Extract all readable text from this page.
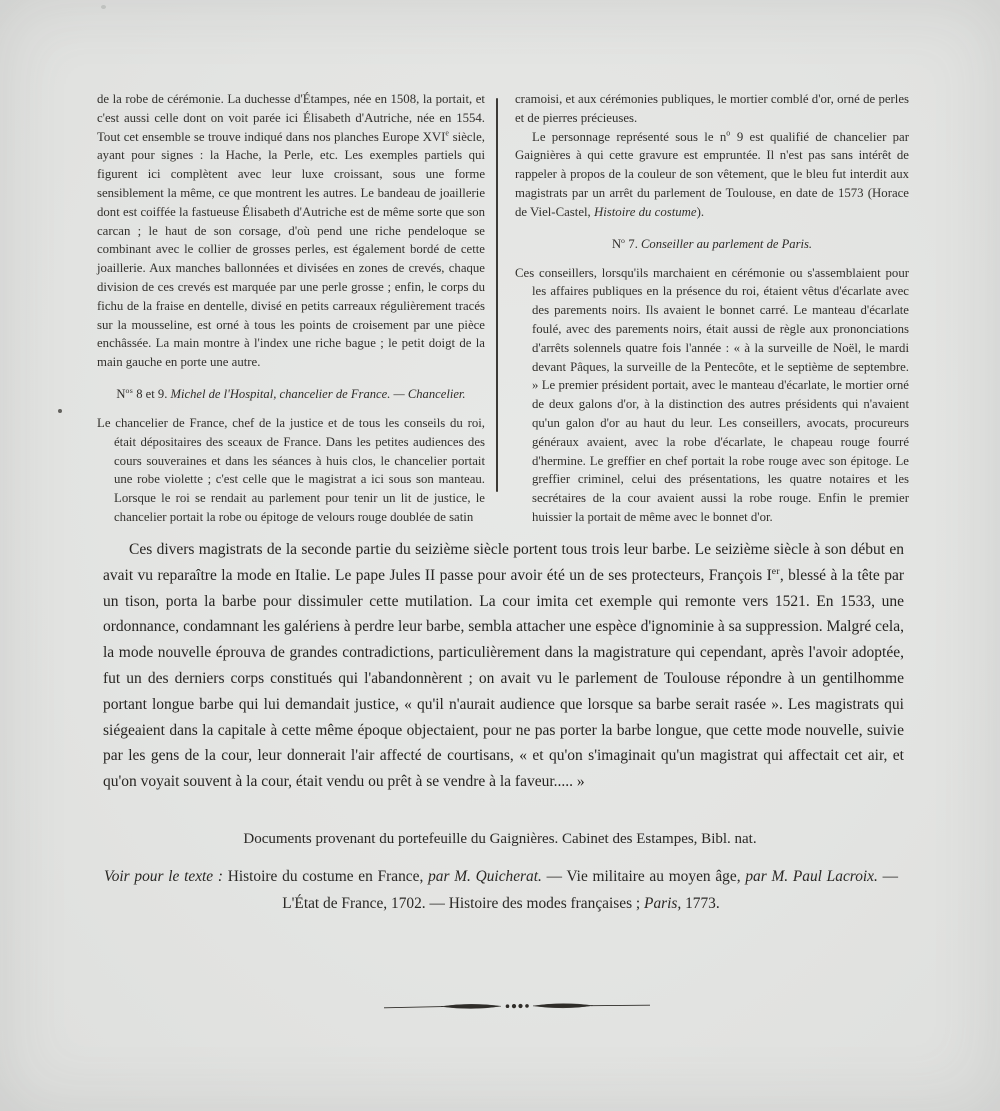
de la robe de cérémonie. La duchesse d'Étampes, née en 1508, la portait, et c'est aussi celle dont on voit parée ici Élisabeth d'Autriche, née en 1554. Tout cet ensemble se trouve indiqué dans nos planches Europe XVIe siècle, ayant pour signes : la Hache, la Perle, etc. Les exemples partiels qui figurent ici complètent avec leur luxe croissant, sous une forme sensiblement la même, ce que montrent les autres. Le bandeau de joaillerie dont est coiffée la fastueuse Élisabeth d'Autriche est de même sorte que son carcan ; le haut de son corsage, d'où pend une riche pendeloque se combinant avec le collier de grosses perles, est également bordé de cette joaillerie. Aux manches ballonnées et divisées en zones de crevés, chaque division de ces crevés est marquée par une perle grosse ; enfin, le corps du fichu de la fraise en dentelle, divisé en petits carreaux régulièrement tracés sur la mousseline, est orné à tous les points de croisement par une pièce enchâssée. La main montre à l'index une riche bague ; le petit doigt de la main gauche en porte une autre.

$N^{os}$ 8 et 9. Michel de l'Hospital, chancelier de France. — Chancelier.

Le chancelier de France, chef de la justice et de tous les conseils du roi, était dépositaires des sceaux de France. Dans les petites audiences des cours souveraines et dans les séances à huis clos, le chancelier portait une robe violette ; c'est celle que le magistrat a ici sous son manteau. Lorsque le roi se rendait au parlement pour tenir un lit de justice, le chancelier portait la robe ou épitoge de velours rouge doublée de satin

cramoisi, et aux cérémonies publiques, le mortier comblé d'or, orné de perles et de pierres précieuses.

Le personnage représenté sous le $n^o$ 9 est qualifié de chancelier par Gaignières à qui cette gravure est empruntée. Il n'est pas sans intérêt de rappeler à propos de la couleur de son vêtement, que le bleu fut interdit aux magistrats par un arrêt du parlement de Toulouse, en date de 1573 (Horace de Viel-Castel, Histoire du costume).

$N^o$ 7. Conseiller au parlement de Paris.

Ces conseillers, lorsqu'ils marchaient en cérémonie ou s'assemblaient pour les affaires publiques en la présence du roi, étaient vêtus d'écarlate avec des parements noirs. Ils avaient le bonnet carré. Le manteau d'écarlate foulé, avec des parements noirs, était aussi de règle aux prononciations d'arrêts solennels quatre fois l'année : « à la surveille de Noël, le mardi devant Pâques, la surveille de la Pentecôte, et le septième de septembre. » Le premier président portait, avec le manteau d'écarlate, le mortier orné de deux galons d'or, à la distinction des autres présidents qui n'avaient qu'un galon d'or au haut du leur. Les conseillers, avocats, procureurs généraux avaient, avec la robe d'écarlate, le chapeau rouge fourré d'hermine. Le greffier en chef portait la robe rouge avec son épitoge. Le greffier criminel, celui des présentations, les quatre notaires et les secrétaires de la cour avaient aussi la robe rouge. Enfin le premier huissier la portait de même avec le bonnet d'or.

Ces divers magistrats de la seconde partie du seizième siècle portent tous trois leur barbe. Le seizième siècle à son début en avait vu reparaître la mode en Italie. Le pape Jules II passe pour avoir été un de ses protecteurs, François Ier, blessé à la tête par un tison, porta la barbe pour dissimuler cette mutilation. La cour imita cet exemple qui remonte vers 1521. En 1533, une ordonnance, condamnant les galériens à perdre leur barbe, sembla attacher une espèce d'ignominie à sa suppression. Malgré cela, la mode nouvelle éprouva de grandes contradictions, particulièrement dans la magistrature qui cependant, après l'avoir adoptée, fut un des derniers corps constitués qui l'abandonnèrent ; on avait vu le parlement de Toulouse répondre à un gentilhomme portant longue barbe qui lui demandait justice, « qu'il n'aurait audience que lorsque sa barbe serait rasée ». Les magistrats qui siégeaient dans la capitale à cette même époque objectaient, pour ne pas porter la barbe longue, que cette mode nouvelle, suivie par les gens de la cour, leur donnerait l'air affecté de courtisans, « et qu'on s'imaginait qu'un magistrat qui affectait cet air, et qu'on voyait souvent à la cour, était vendu ou prêt à se vendre à la faveur..... »

Documents provenant du portefeuille du Gaignières. Cabinet des Estampes, Bibl. nat.

Voir pour le texte : Histoire du costume en France, par M. Quicherat. — Vie militaire au moyen âge, par M. Paul Lacroix. — L'État de France, 1702. — Histoire des modes françaises ; Paris, 1773.
